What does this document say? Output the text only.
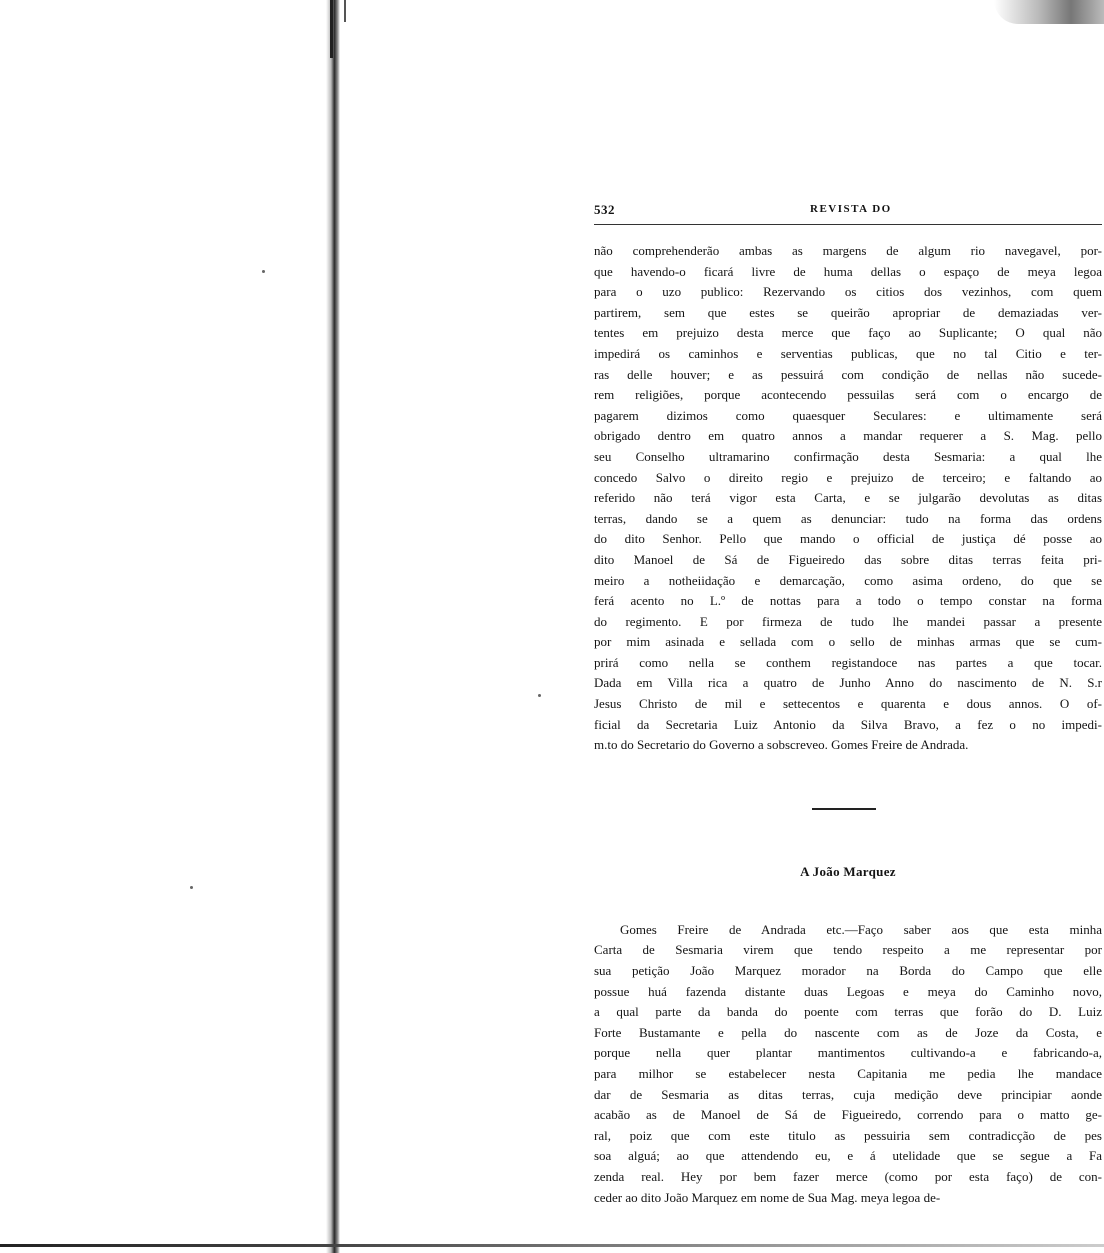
532	REVISTA DO
não comprehenderão ambas as margens de algum rio navegavel, por-
que havendo-o ficará livre de huma dellas o espaço de meya legoa
para o uzo publico: Rezervando os citios dos vezinhos, com quem
partirem, sem que estes se queirão apropriar de demaziadas ver-
tentes em prejuizo desta merce que faço ao Suplicante; O qual não
impedirá os caminhos e serventias publicas, que no tal Citio e ter-
ras delle houver; e as pessuirá com condição de nellas não sucede-
rem religiões, porque acontecendo pessuilas será com o encargo de
pagarem dizimos como quaesquer Seculares: e ultimamente será
obrigado dentro em quatro annos a mandar requerer a S. Mag. pello
seu Conselho ultramarino confirmação desta Sesmaria: a qual lhe
concedo Salvo o direito regio e prejuizo de terceiro; e faltando ao
referido não terá vigor esta Carta, e se julgarão devolutas as ditas
terras, dando se a quem as denunciar: tudo na forma das ordens
do dito Senhor. Pello que mando o official de justiça dé posse ao
dito Manoel de Sá de Figueiredo das sobre ditas terras feita pri-
meiro a notheiidação e demarcação, como asima ordeno, do que se
ferá acento no L.º de nottas para a todo o tempo constar na forma
do regimento. E por firmeza de tudo lhe mandei passar a presente
por mim asinada e sellada com o sello de minhas armas que se cum-
prirá como nella se conthem registandoce nas partes a que tocar.
Dada em Villa rica a quatro de Junho Anno do nascimento de N. S.r
Jesus Christo de mil e settecentos e quarenta e dous annos. O of-
ficial da Secretaria Luiz Antonio da Silva Bravo, a fez o no impedi-
m.to do Secretario do Governo a sobscreveo. Gomes Freire de Andrada.
A João Marquez
Gomes Freire de Andrada etc.—Faço saber aos que esta minha
Carta de Sesmaria virem que tendo respeito a me representar por
sua petição João Marquez morador na Borda do Campo que elle
possue huá fazenda distante duas Legoas e meya do Caminho novo,
a qual parte da banda do poente com terras que forão do D. Luiz
Forte Bustamante e pella do nascente com as de Joze da Costa, e
porque nella quer plantar mantimentos cultivando-a e fabricando-a,
para milhor se estabelecer nesta Capitania me pedia lhe mandace
dar de Sesmaria as ditas terras, cuja medição deve principiar aonde
acabão as de Manoel de Sá de Figueiredo, correndo para o matto ge-
ral, poiz que com este titulo as pessuiria sem contradicção de pes
soa alguá; ao que attendendo eu, e á utelidade que se segue a Fa
zenda real. Hey por bem fazer merce (como por esta faço) de con-
ceder ao dito João Marquez em nome de Sua Mag. meya legoa de-
